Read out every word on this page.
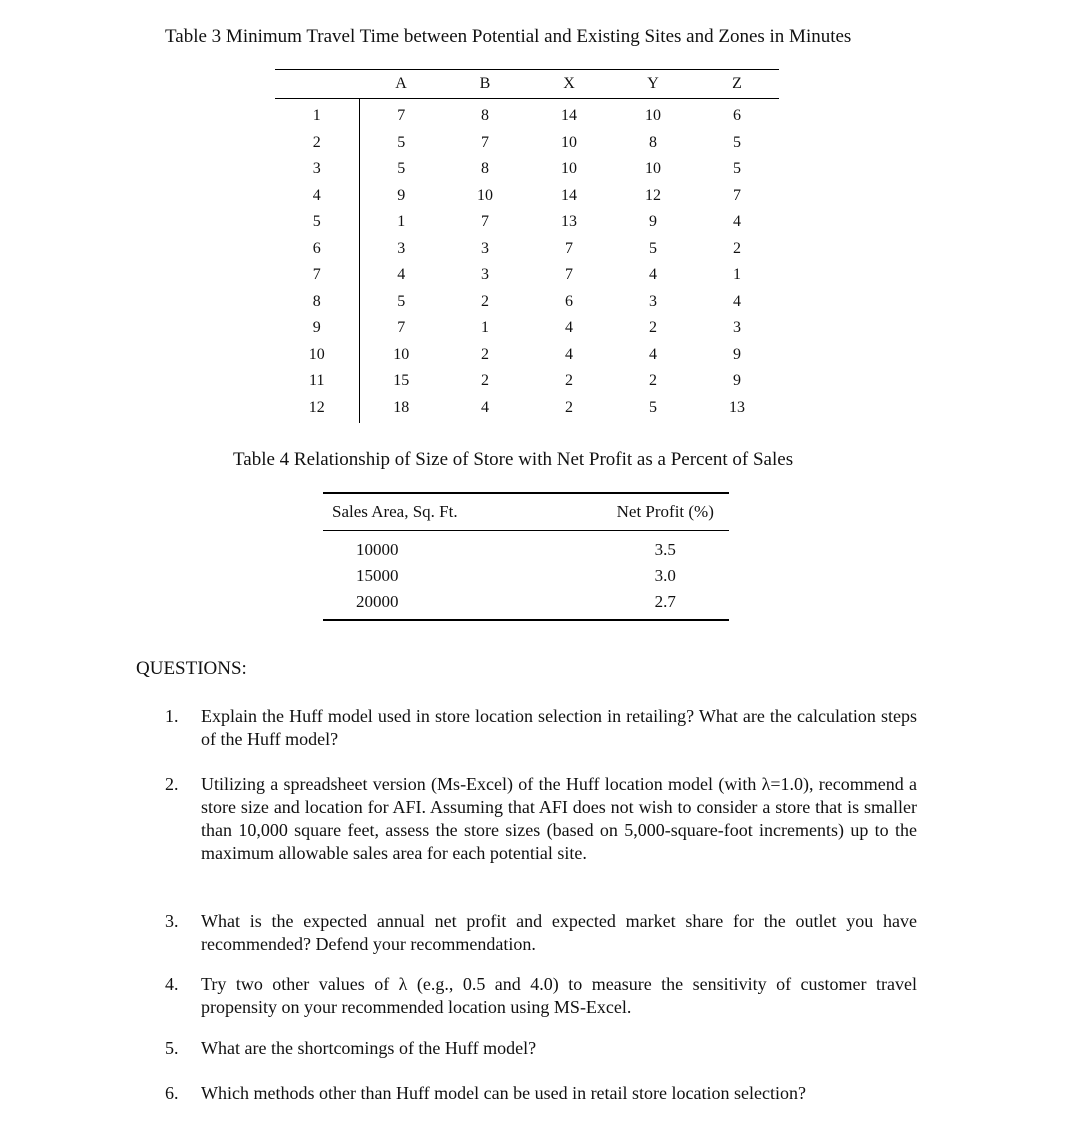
Table 3 Minimum Travel Time between Potential and Existing Sites and Zones in Minutes
	A	B	X	Y	Z
1	7	8	14	10	6
2	5	7	10	8	5
3	5	8	10	10	5
4	9	10	14	12	7
5	1	7	13	9	4
6	3	3	7	5	2
7	4	3	7	4	1
8	5	2	6	3	4
9	7	1	4	2	3
10	10	2	4	4	9
11	15	2	2	2	9
12	18	4	2	5	13
Table 4 Relationship of Size of Store with Net Profit as a Percent of Sales
Sales Area, Sq. Ft.	Net Profit (%)
10000	3.5
15000	3.0
20000	2.7
QUESTIONS:
1.	Explain the Huff model used in store location selection in retailing? What are the calculation steps of the Huff model?
2.	Utilizing a spreadsheet version (Ms-Excel) of the Huff location model (with λ=1.0), recommend a store size and location for AFI. Assuming that AFI does not wish to consider a store that is smaller than 10,000 square feet, assess the store sizes (based on 5,000-square-foot increments) up to the maximum allowable sales area for each potential site.
3.	What is the expected annual net profit and expected market share for the outlet you have recommended? Defend your recommendation.
4.	Try two other values of λ (e.g., 0.5 and 4.0) to measure the sensitivity of customer travel propensity on your recommended location using MS-Excel.
5.	What are the shortcomings of the Huff model?
6.	Which methods other than Huff model can be used in retail store location selection?
